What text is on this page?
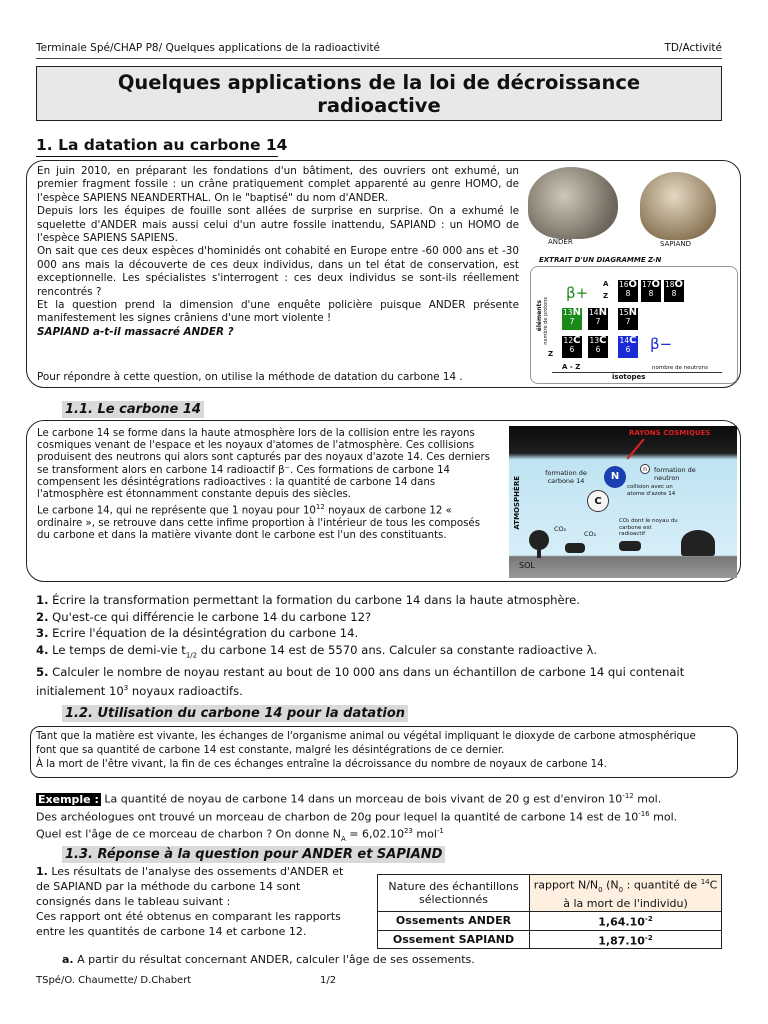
Terminale Spé/CHAP P8/ Quelques applications de la radioactivité	TD/Activité
Quelques applications de la loi de décroissance
radioactive
1. La datation au carbone 14
En juin 2010, en préparant les fondations d'un bâtiment, des ouvriers ont exhumé, un premier fragment fossile : un crâne pratiquement complet apparenté au genre HOMO, de l'espèce SAPIENS NEANDERTHAL. On le "baptisé" du nom d'ANDER.
Depuis lors les équipes de fouille sont allées de surprise en surprise. On a exhumé le squelette d'ANDER mais aussi celui d'un autre fossile inattendu, SAPIAND : un HOMO de l'espèce SAPIENS SAPIENS.
On sait que ces deux espèces d'hominidés ont cohabité en Europe entre -60 000 ans et -30 000 ans mais la découverte de ces deux individus, dans un tel état de conservation, est exceptionnelle. Les spécialistes s'interrogent : ces deux individus se sont-ils réellement rencontrés ?
Et la question prend la dimension d'une enquête policière puisque ANDER présente manifestement les signes crâniens d'une mort violente !
SAPIAND a-t-il massacré ANDER ?
Pour répondre à cette question, on utilise la méthode de datation du carbone 14 .
ANDER	SAPIAND
EXTRAIT D'UN DIAGRAMME Z-N
β+
β−
A
Z
éléments nombre de protons
Z
A - Z	nombre de neutrons
isotopes
16O
8
17O
8
18O
8
13N
7
14N
7
15N
7
12C
6
13C
6
14C
6
1.1. Le carbone 14
Le carbone 14 se forme dans la haute atmosphère lors de la collision entre les rayons cosmiques venant de l'espace et les noyaux d'atomes de l'atmosphère. Ces collisions produisent des neutrons qui alors sont capturés par des noyaux d'azote 14. Ces derniers se transforment alors en carbone 14 radioactif β⁻. Ces formations de carbone 14 compensent les désintégrations radioactives : la quantité de carbone 14 dans l'atmosphère est étonnamment constante depuis des siècles.
Le carbone 14, qui ne représente que 1 noyau pour $10^{12}$ noyaux de carbone 12 « ordinaire », se retrouve dans cette infime proportion à l'intérieur de tous les composés du carbone et dans la matière vivante dont le carbone est l'un des constituants.
RAYONS COSMIQUES
ATMOSPHÈRE
formation de carbone 14
formation de neutron
N
n
collision avec un atome d'azote 14
C
CO₂
CO₂
CO₂ dont le noyau du carbone est radioactif
SOL
1. Écrire la transformation permettant la formation du carbone 14 dans la haute atmosphère.
2. Qu'est-ce qui différencie le carbone 14 du carbone 12?
3. Ecrire l'équation de la désintégration du carbone 14.
4. Le temps de demi-vie $t_{1/2}$ du carbone 14 est de 5570 ans. Calculer sa constante radioactive λ.
5. Calculer le nombre de noyau restant au bout de 10 000 ans dans un échantillon de carbone 14 qui contenait initialement $10^3$ noyaux radioactifs.
1.2. Utilisation du carbone 14 pour la datation
Tant que la matière est vivante, les échanges de l'organisme animal ou végétal impliquant le dioxyde de carbone atmosphérique
font que sa quantité de carbone 14 est constante, malgré les désintégrations de ce dernier.
À la mort de l'être vivant, la fin de ces échanges entraîne la décroissance du nombre de noyaux de carbone 14.
Exemple : La quantité de noyau de carbone 14 dans un morceau de bois vivant de 20 g est d'environ $10^{-12}$ mol.
Des archéologues ont trouvé un morceau de charbon de 20g pour lequel la quantité de carbone 14 est de $10^{-16}$ mol.
Quel est l'âge de ce morceau de charbon ? On donne $N_A = 6,02.10^{23}$ mol$^{-1}$
1.3. Réponse à la question pour ANDER et SAPIAND
1. Les résultats de l'analyse des ossements d'ANDER et de SAPIAND par la méthode du carbone 14 sont consignés dans le tableau suivant :
Ces rapport ont été obtenus en comparant les rapports entre les quantités de carbone 14 et carbone 12.
Nature des échantillons sélectionnés	rapport $N/N_0$ ($N_0$ : quantité de $^{14}$C à la mort de l'individu)
Ossements ANDER	$1,64.10^{-2}$
Ossement SAPIAND	$1,87.10^{-2}$
a. A partir du résultat concernant ANDER, calculer l'âge de ses ossements.
TSpé/O. Chaumette/ D.Chabert	1/2
